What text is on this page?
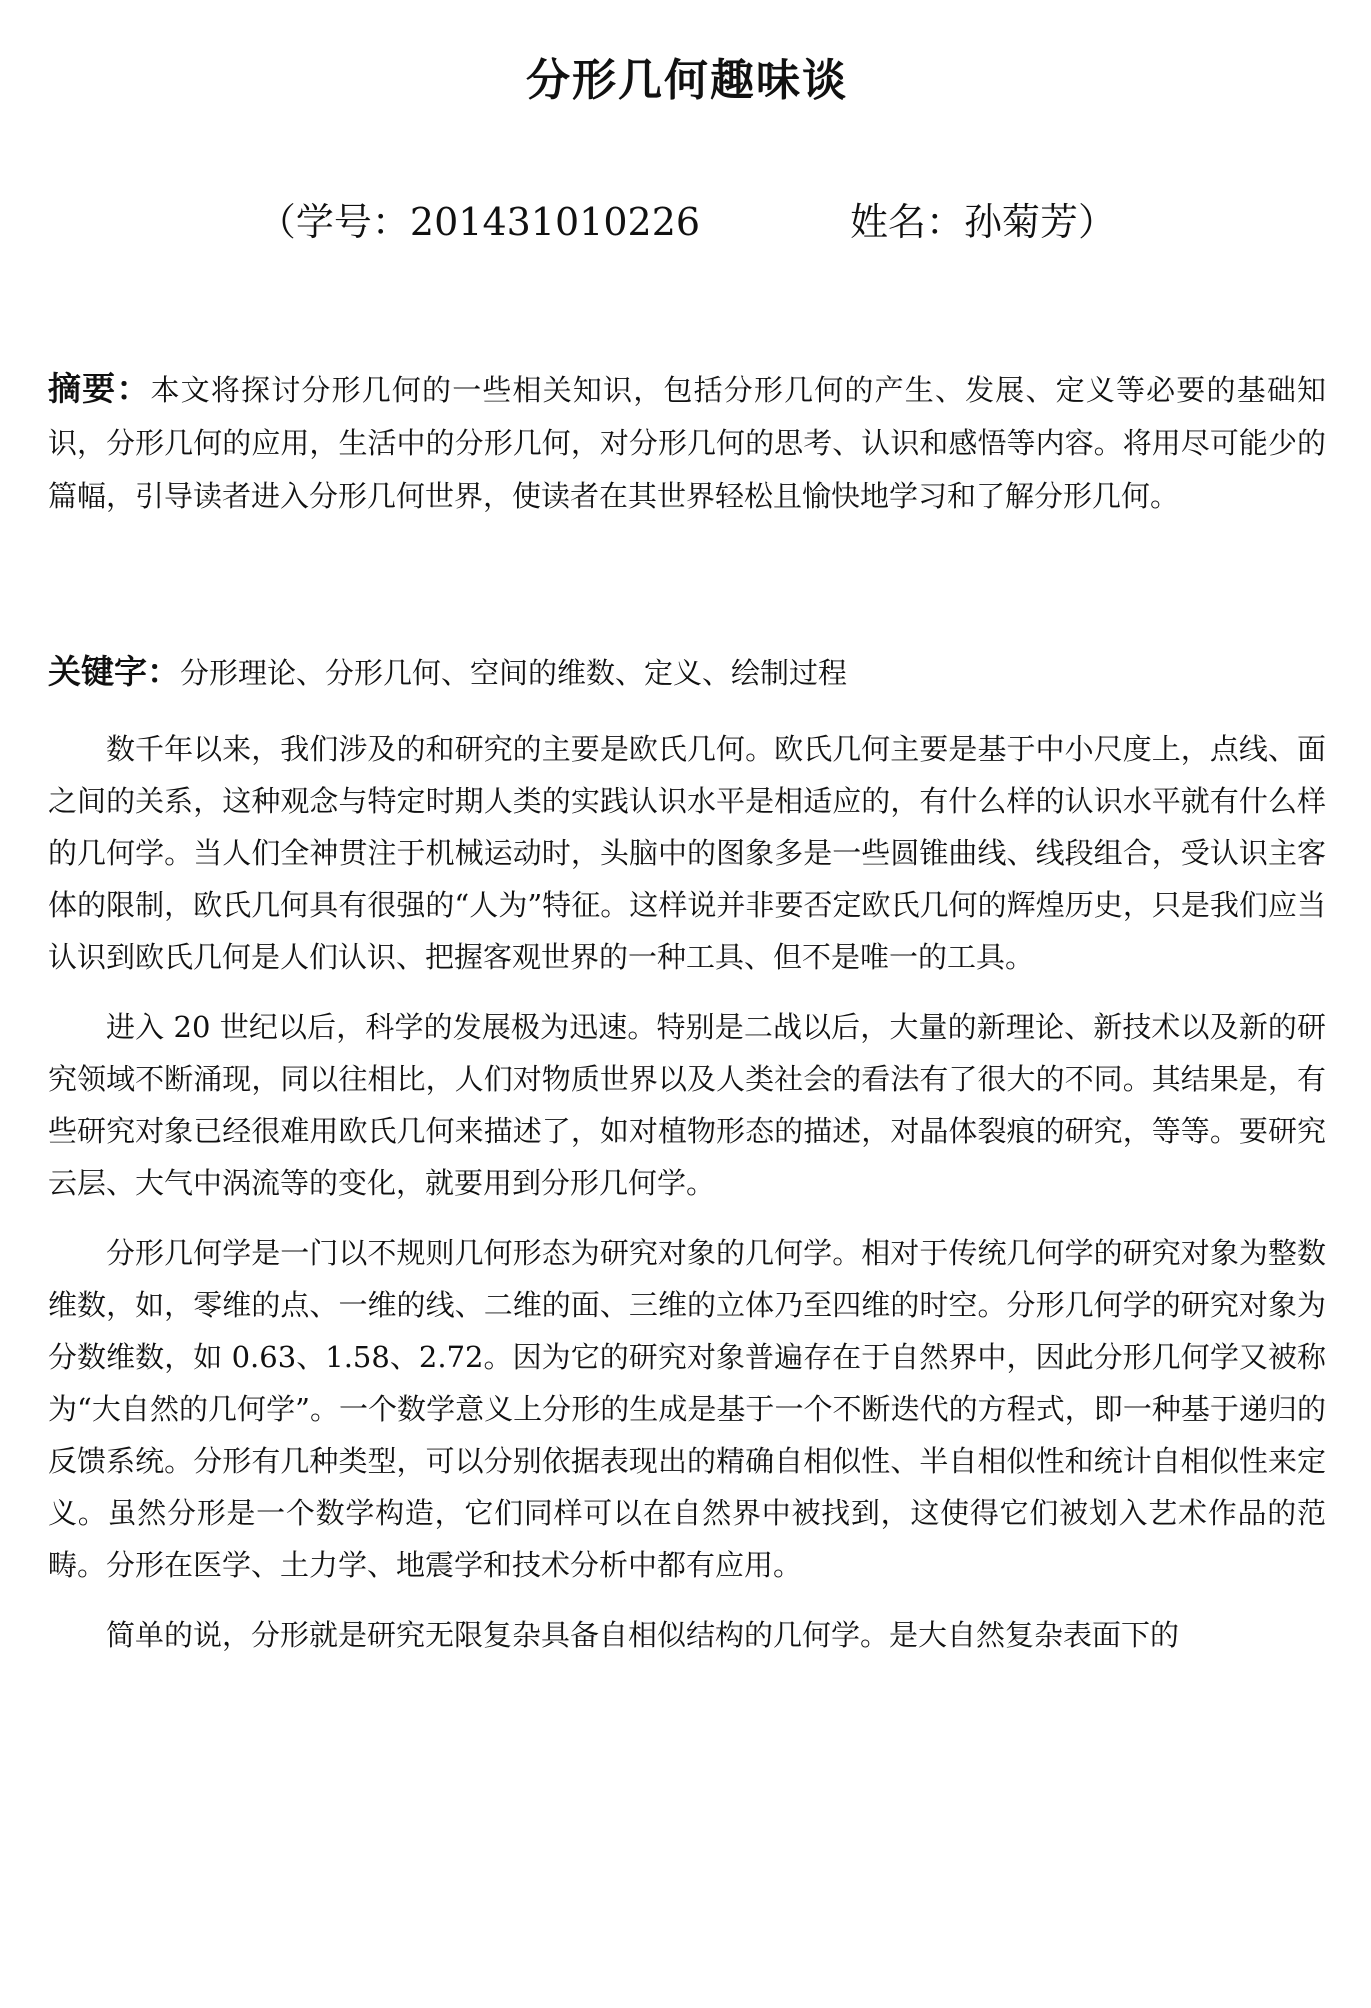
分形几何趣味谈
（学号：201431010226	姓名：孙菊芳）
摘要：本文将探讨分形几何的一些相关知识，包括分形几何的产生、发展、定义等必要的基础知识，分形几何的应用，生活中的分形几何，对分形几何的思考、认识和感悟等内容。将用尽可能少的篇幅，引导读者进入分形几何世界，使读者在其世界轻松且愉快地学习和了解分形几何。
关键字：分形理论、分形几何、空间的维数、定义、绘制过程

数千年以来，我们涉及的和研究的主要是欧氏几何。欧氏几何主要是基于中小尺度上，点线、面之间的关系，这种观念与特定时期人类的实践认识水平是相适应的，有什么样的认识水平就有什么样的几何学。当人们全神贯注于机械运动时，头脑中的图象多是一些圆锥曲线、线段组合，受认识主客体的限制，欧氏几何具有很强的“人为”特征。这样说并非要否定欧氏几何的辉煌历史，只是我们应当认识到欧氏几何是人们认识、把握客观世界的一种工具、但不是唯一的工具。

进入 20 世纪以后，科学的发展极为迅速。特别是二战以后，大量的新理论、新技术以及新的研究领域不断涌现，同以往相比，人们对物质世界以及人类社会的看法有了很大的不同。其结果是，有些研究对象已经很难用欧氏几何来描述了，如对植物形态的描述，对晶体裂痕的研究，等等。要研究云层、大气中涡流等的变化，就要用到分形几何学。

分形几何学是一门以不规则几何形态为研究对象的几何学。相对于传统几何学的研究对象为整数维数，如，零维的点、一维的线、二维的面、三维的立体乃至四维的时空。分形几何学的研究对象为分数维数，如 0.63、1.58、2.72。因为它的研究对象普遍存在于自然界中，因此分形几何学又被称为“大自然的几何学”。一个数学意义上分形的生成是基于一个不断迭代的方程式，即一种基于递归的反馈系统。分形有几种类型，可以分别依据表现出的精确自相似性、半自相似性和统计自相似性来定义。虽然分形是一个数学构造，它们同样可以在自然界中被找到，这使得它们被划入艺术作品的范畴。分形在医学、土力学、地震学和技术分析中都有应用。

简单的说，分形就是研究无限复杂具备自相似结构的几何学。是大自然复杂表面下的
